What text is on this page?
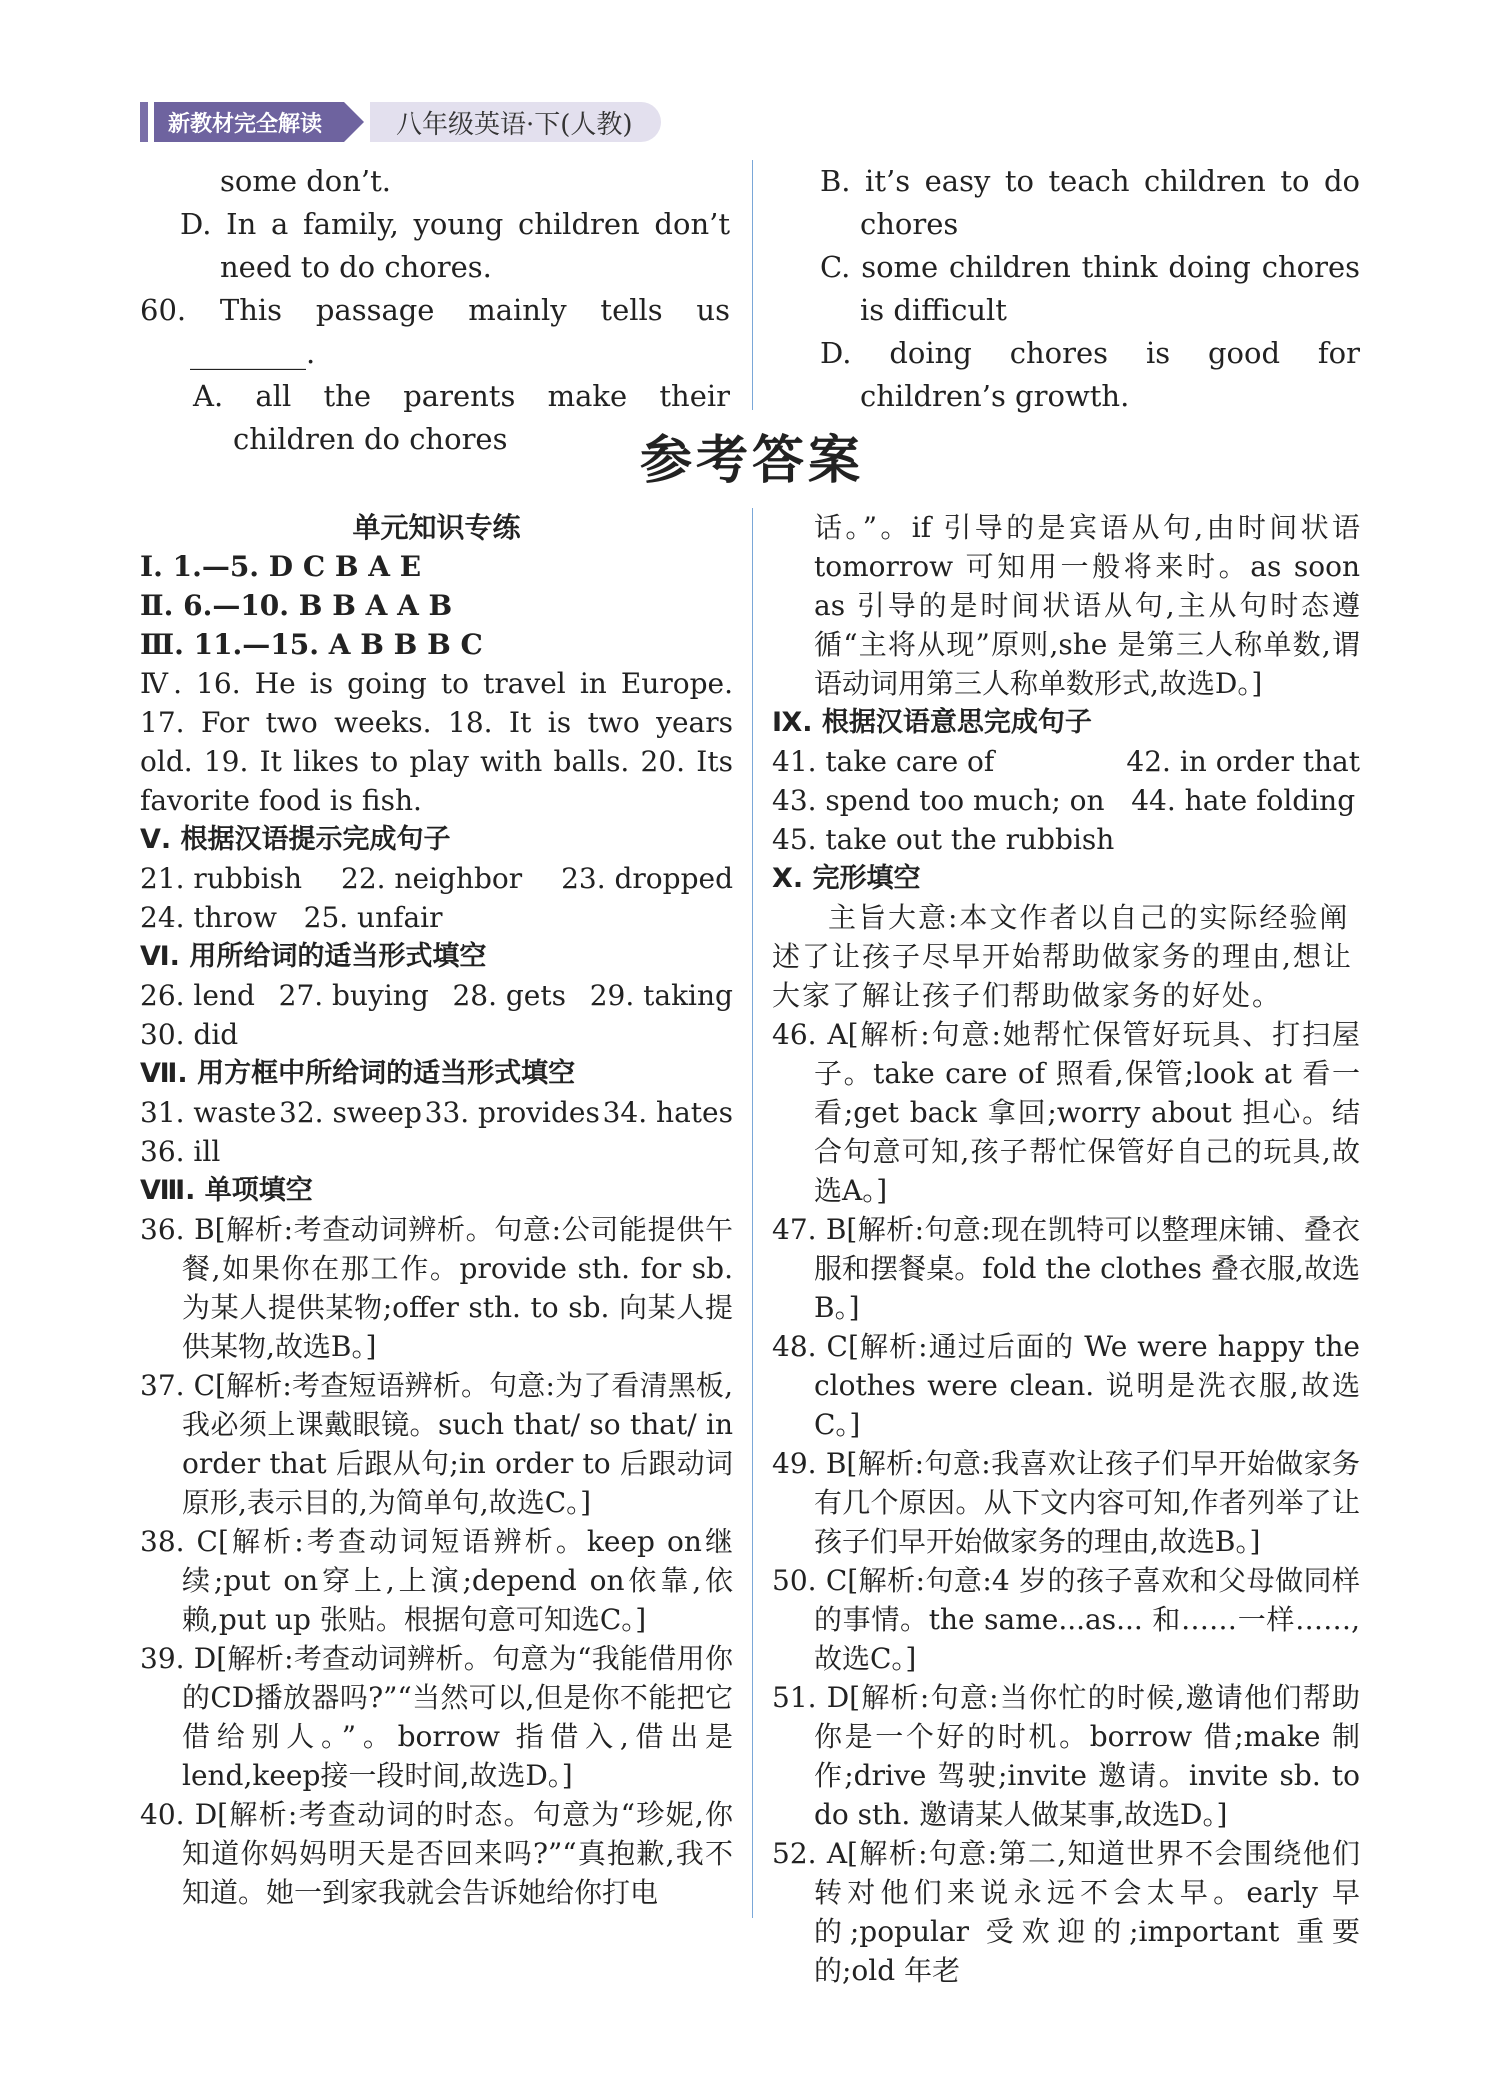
新教材完全解读	八年级英语·下(人教)

some don’t.

D. In a family, young children don’t need to do chores.

60. This passage mainly tells us ________.

A. all the parents make their children do chores

B. it’s easy to teach children to do chores

C. some children think doing chores is difficult

D. doing chores is good for children’s growth.

参考答案

单元知识专练

Ⅰ. 1.—5. D C B A E

Ⅱ. 6.—10. B B A A B

Ⅲ. 11.—15. A B B B C

Ⅳ. 16. He is going to travel in Europe. 17. For two weeks. 18. It is two years old. 19. It likes to play with balls. 20. Its favorite food is fish.

Ⅴ. 根据汉语提示完成句子

21. rubbish 22. neighbor 23. dropped

24. throw   25. unfair

Ⅵ. 用所给词的适当形式填空

26. lend 27. buying 28. gets 29. taking

30. did

Ⅶ. 用方框中所给词的适当形式填空

31. waste 32. sweep 33. provides 34. hates

36. ill

Ⅷ. 单项填空

36. B[解析:考查动词辨析。句意:公司能提供午餐,如果你在那工作。provide sth. for sb. 为某人提供某物;offer sth. to sb. 向某人提供某物,故选B。]

37. C[解析:考查短语辨析。句意:为了看清黑板,我必须上课戴眼镜。such that/ so that/ in order that 后跟从句;in order to 后跟动词原形,表示目的,为简单句,故选C。]

38. C[解析:考查动词短语辨析。keep on继续;put on穿上,上演;depend on依靠,依赖,put up 张贴。根据句意可知选C。]

39. D[解析:考查动词辨析。句意为“我能借用你的CD播放器吗?”“当然可以,但是你不能把它借给别人。”。borrow 指借入,借出是lend,keep接一段时间,故选D。]

40. D[解析:考查动词的时态。句意为“珍妮,你知道你妈妈明天是否回来吗?”“真抱歉,我不知道。她一到家我就会告诉她给你打电

话。”。if 引导的是宾语从句,由时间状语 tomorrow 可知用一般将来时。as soon as 引导的是时间状语从句,主从句时态遵循“主将从现”原则,she 是第三人称单数,谓语动词用第三人称单数形式,故选D。]

Ⅸ. 根据汉语意思完成句子

41. take care of	42. in order that

43. spend too much; on   44. hate folding   45. take out the rubbish

Ⅹ. 完形填空

主旨大意:本文作者以自己的实际经验阐述了让孩子尽早开始帮助做家务的理由,想让大家了解让孩子们帮助做家务的好处。

46. A[解析:句意:她帮忙保管好玩具、打扫屋子。take care of 照看,保管;look at 看一看;get back 拿回;worry about 担心。结合句意可知,孩子帮忙保管好自己的玩具,故选A。]

47. B[解析:句意:现在凯特可以整理床铺、叠衣服和摆餐桌。fold the clothes 叠衣服,故选B。]

48. C[解析:通过后面的 We were happy the clothes were clean. 说明是洗衣服,故选C。]

49. B[解析:句意:我喜欢让孩子们早开始做家务有几个原因。从下文内容可知,作者列举了让孩子们早开始做家务的理由,故选B。]

50. C[解析:句意:4 岁的孩子喜欢和父母做同样的事情。the same...as... 和……一样……,故选C。]

51. D[解析:句意:当你忙的时候,邀请他们帮助你是一个好的时机。borrow 借;make 制作;drive 驾驶;invite 邀请。invite sb. to do sth. 邀请某人做某事,故选D。]

52. A[解析:句意:第二,知道世界不会围绕他们转对他们来说永远不会太早。early 早的;popular 受欢迎的;important 重要的;old 年老
